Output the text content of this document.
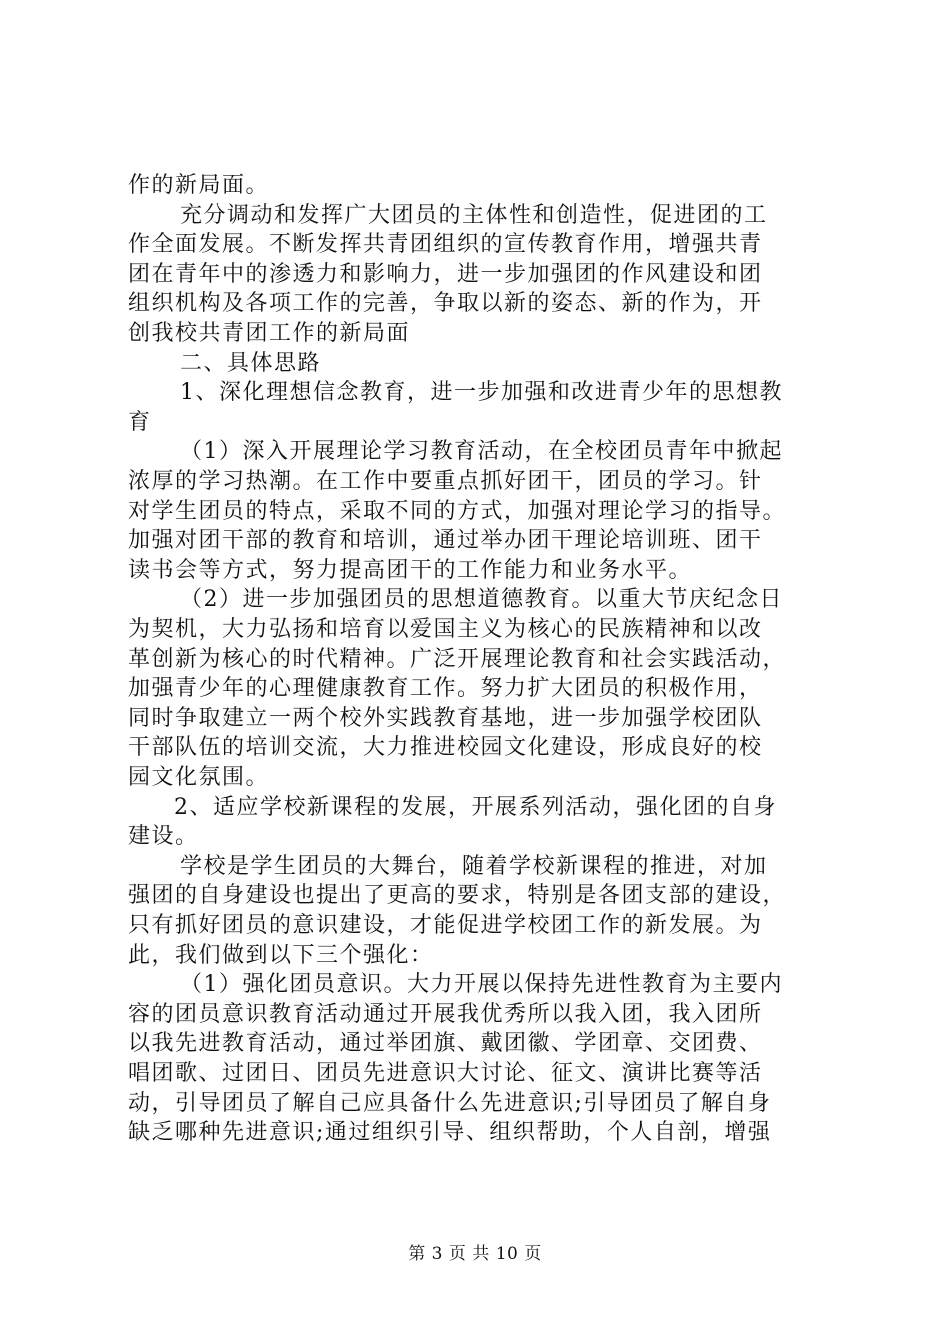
作的新局面。
充分调动和发挥广大团员的主体性和创造性，促进团的工
作全面发展。不断发挥共青团组织的宣传教育作用，增强共青
团在青年中的渗透力和影响力，进一步加强团的作风建设和团
组织机构及各项工作的完善，争取以新的姿态、新的作为，开
创我校共青团工作的新局面
二、具体思路
1、深化理想信念教育，进一步加强和改进青少年的思想教
育
（1）深入开展理论学习教育活动，在全校团员青年中掀起
浓厚的学习热潮。在工作中要重点抓好团干，团员的学习。针
对学生团员的特点，采取不同的方式，加强对理论学习的指导。
加强对团干部的教育和培训，通过举办团干理论培训班、团干
读书会等方式，努力提高团干的工作能力和业务水平。
（2）进一步加强团员的思想道德教育。以重大节庆纪念日
为契机，大力弘扬和培育以爱国主义为核心的民族精神和以改
革创新为核心的时代精神。广泛开展理论教育和社会实践活动，
加强青少年的心理健康教育工作。努力扩大团员的积极作用，
同时争取建立一两个校外实践教育基地，进一步加强学校团队
干部队伍的培训交流，大力推进校园文化建设，形成良好的校
园文化氛围。
2、适应学校新课程的发展，开展系列活动，强化团的自身
建设。
学校是学生团员的大舞台，随着学校新课程的推进，对加
强团的自身建设也提出了更高的要求，特别是各团支部的建设，
只有抓好团员的意识建设，才能促进学校团工作的新发展。为
此，我们做到以下三个强化：
（1）强化团员意识。大力开展以保持先进性教育为主要内
容的团员意识教育活动通过开展我优秀所以我入团，我入团所
以我先进教育活动，通过举团旗、戴团徽、学团章、交团费、
唱团歌、过团日、团员先进意识大讨论、征文、演讲比赛等活
动，引导团员了解自己应具备什么先进意识;引导团员了解自身
缺乏哪种先进意识;通过组织引导、组织帮助，个人自剖，增强
第 3 页 共 10 页
